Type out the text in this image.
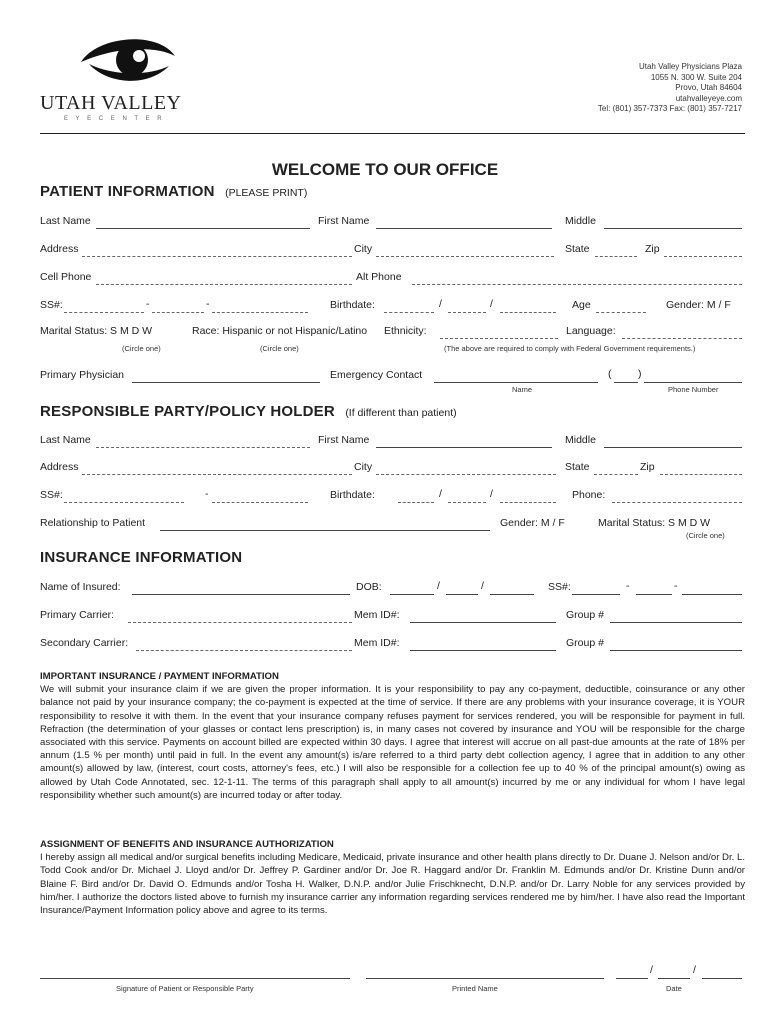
UTAH VALLEY
E Y E C E N T E R
Utah Valley Physicians Plaza
1055 N. 300 W. Suite 204
Provo, Utah 84604
utahvalleyeye.com
Tel: (801) 357-7373 Fax: (801) 357-7217
WELCOME TO OUR OFFICE
PATIENT INFORMATION (PLEASE PRINT)
Last Name	First Name	Middle
Address	City	State	Zip
Cell Phone	Alt Phone
SS#:	-	-	Birthdate:	/	/	Age	Gender: M / F
Marital Status: S M D W	Race: Hispanic or not Hispanic/Latino Ethnicity:	Language:
(Circle one)	(Circle one)	(The above are required to comply with Federal Government requirements.)
Primary Physician	Emergency Contact	(	)
Name	Phone Number
RESPONSIBLE PARTY/POLICY HOLDER (If different than patient)
Last Name	First Name	Middle
Address	City	State	Zip
SS#:	-	Birthdate:	/	/	Phone:
Relationship to Patient	Gender: M / F	Marital Status: S M D W
(Circle one)
INSURANCE INFORMATION
Name of Insured:	DOB:	/	/	SS#:	-	-
Primary Carrier:	Mem ID#:	Group #
Secondary Carrier:	Mem ID#:	Group #
IMPORTANT INSURANCE / PAYMENT INFORMATION
We will submit your insurance claim if we are given the proper information. It is your responsibility to pay any co-payment, deductible, coinsurance or any other balance not paid by your insurance company; the co-payment is expected at the time of service. If there are any problems with your insurance coverage, it is YOUR responsibility to resolve it with them. In the event that your insurance company refuses payment for services rendered, you will be responsible for payment in full. Refraction (the determination of your glasses or contact lens prescription) is, in many cases not covered by insurance and YOU will be responsible for the charge associated with this service. Payments on account billed are expected within 30 days. I agree that interest will accrue on all past-due amounts at the rate of 18% per annum (1.5 % per month) until paid in full. In the event any amount(s) is/are referred to a third party debt collection agency, I agree that in addition to any other amount(s) allowed by law, (interest, court costs, attorney's fees, etc.) I will also be responsible for a collection fee up to 40 % of the principal amount(s) owing as allowed by Utah Code Annotated, sec. 12-1-11. The terms of this paragraph shall apply to all amount(s) incurred by me or any individual for whom I have legal responsibility whether such amount(s) are incurred today or after today.
ASSIGNMENT OF BENEFITS AND INSURANCE AUTHORIZATION
I hereby assign all medical and/or surgical benefits including Medicare, Medicaid, private insurance and other health plans directly to Dr. Duane J. Nelson and/or Dr. L. Todd Cook and/or Dr. Michael J. Lloyd and/or Dr. Jeffrey P. Gardiner and/or Dr. Joe R. Haggard and/or Dr. Franklin M. Edmunds and/or Dr. Kristine Dunn and/or Blaine F. Bird and/or Dr. David O. Edmunds and/or Tosha H. Walker, D.N.P. and/or Julie Frischknecht, D.N.P. and/or Dr. Larry Noble for any services provided by him/her. I authorize the doctors listed above to furnish my insurance carrier any information regarding services rendered me by him/her. I have also read the Important Insurance/Payment Information policy above and agree to its terms.
/	/
Signature of Patient or Responsible Party	Printed Name	Date
